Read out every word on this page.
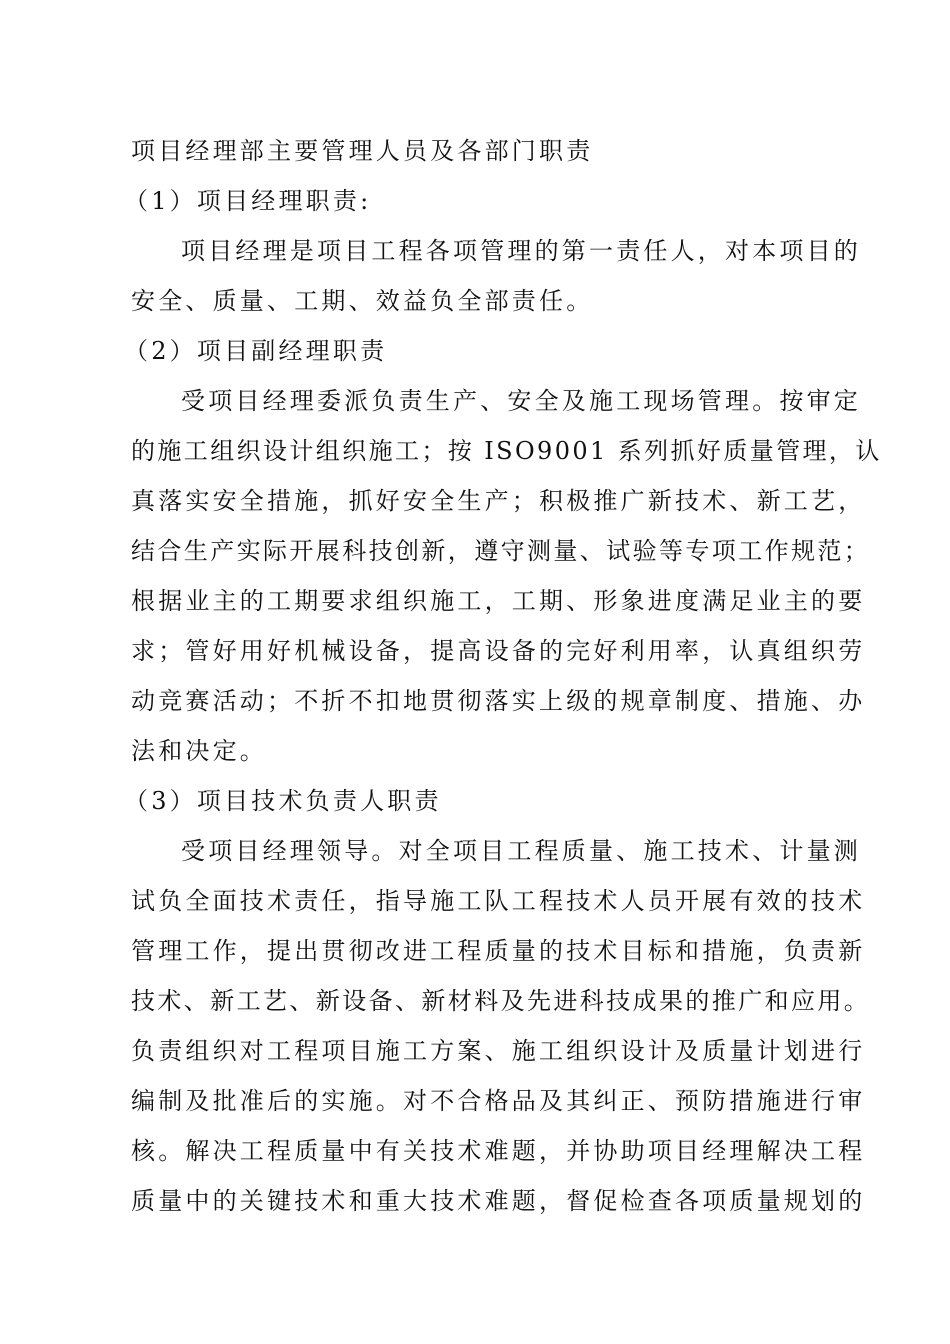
项目经理部主要管理人员及各部门职责
（1）项目经理职责:
项目经理是项目工程各项管理的第一责任人，对本项目的
安全、质量、工期、效益负全部责任。
（2）项目副经理职责
受项目经理委派负责生产、安全及施工现场管理。按审定
的施工组织设计组织施工；按 ISO9001 系列抓好质量管理，认
真落实安全措施，抓好安全生产；积极推广新技术、新工艺，
结合生产实际开展科技创新，遵守测量、试验等专项工作规范；
根据业主的工期要求组织施工，工期、形象进度满足业主的要
求；管好用好机械设备，提高设备的完好利用率，认真组织劳
动竞赛活动；不折不扣地贯彻落实上级的规章制度、措施、办
法和决定。
（3）项目技术负责人职责
受项目经理领导。对全项目工程质量、施工技术、计量测
试负全面技术责任，指导施工队工程技术人员开展有效的技术
管理工作，提出贯彻改进工程质量的技术目标和措施，负责新
技术、新工艺、新设备、新材料及先进科技成果的推广和应用。
负责组织对工程项目施工方案、施工组织设计及质量计划进行
编制及批准后的实施。对不合格品及其纠正、预防措施进行审
核。解决工程质量中有关技术难题，并协助项目经理解决工程
质量中的关键技术和重大技术难题，督促检查各项质量规划的
